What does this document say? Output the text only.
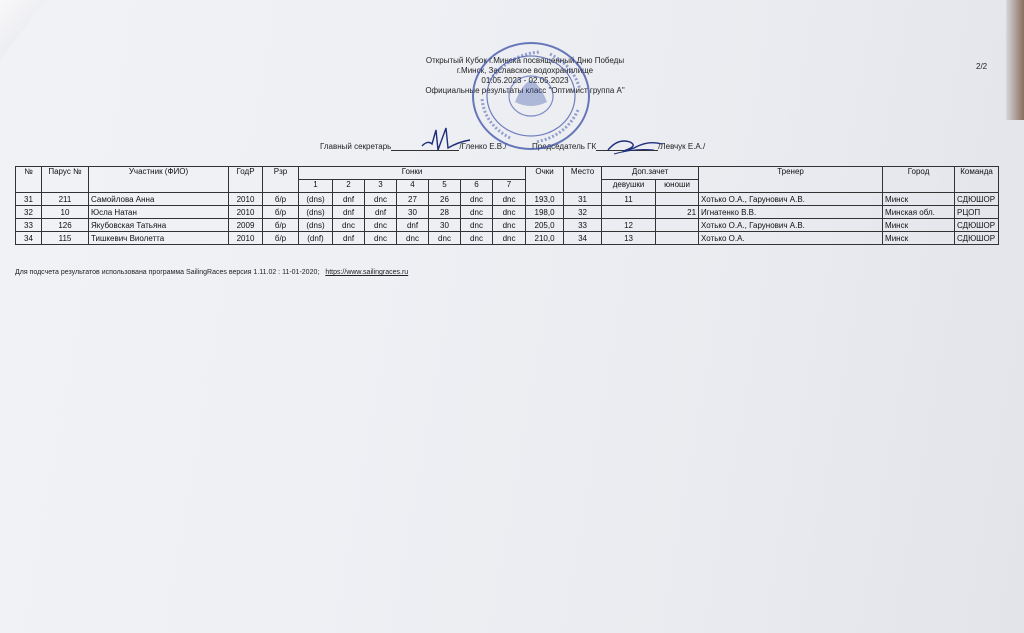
Открытый Кубок г.Минска посвященный Дню Победы
г.Минск, Заславское водохранилище
01.05.2023 - 02.05.2023
Официальные результаты класс "Оптимист группа А"
2/2
Главный секретарь	/Гленко Е.В./	Председатель ГК	/Левчук Е.А./
№	Парус №	Участник (ФИО)	ГодР	Рзр	Гонки							Очки	Место	Доп.зачет		Тренер	Город	Команда
					1	2	3	4	5	6	7			девушки	юноши			
31	211	Самойлова Анна	2010	б/р	(dns)	dnf	dnc	27	26	dnc	dnc	193,0	31	11		Хотько О.А., Гарунович А.В.	Минск	СДЮШОР
32	10	Юсла Натан	2010	б/р	(dns)	dnf	dnf	30	28	dnc	dnc	198,0	32		21	Игнатенко В.В.	Минская обл.	РЦОП
33	126	Якубовская Татьяна	2009	б/р	(dns)	dnc	dnc	dnf	30	dnc	dnc	205,0	33	12		Хотько О.А., Гарунович А.В.	Минск	СДЮШОР
34	115	Тишкевич Виолетта	2010	б/р	(dnf)	dnf	dnc	dnc	dnc	dnc	dnc	210,0	34	13		Хотько О.А.	Минск	СДЮШОР
Для подсчета результатов использована программа SailingRaces версия 1.11.02 : 11-01-2020; https://www.sailingraces.ru
